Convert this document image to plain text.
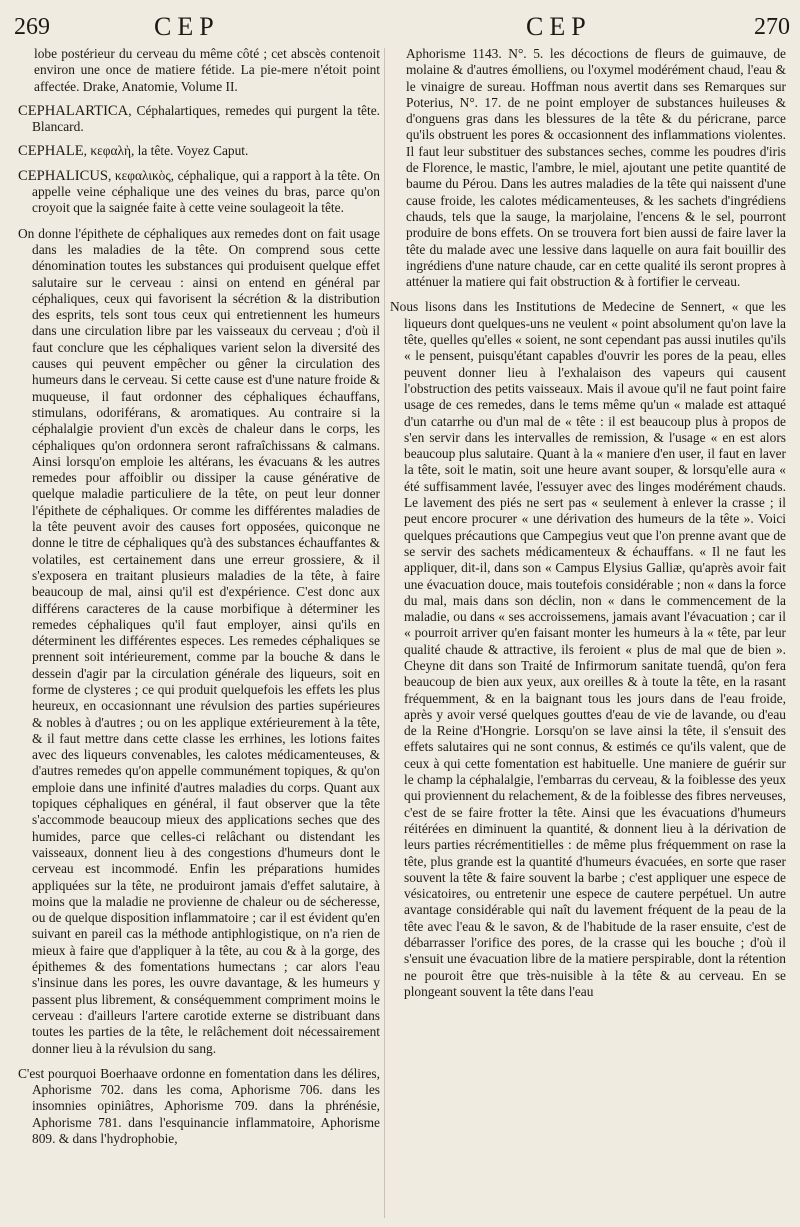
269	CEP	CEP	270

lobe postérieur du cerveau du même côté ; cet abscès contenoit environ une once de matiere fétide. La pie-mere n'étoit point affectée. Drake, Anatomie, Volume II.

CEPHALARTICA, Céphalartiques, remedes qui purgent la tête. Blancard.

CEPHALE, κεφαλὴ, la tête. Voyez Caput.

CEPHALICUS, κεφαλικὸς, céphalique, qui a rapport à la tête. On appelle veine céphalique une des veines du bras, parce qu'on croyoit que la saignée faite à cette veine soulageoit la tête.

On donne l'épithete de céphaliques aux remedes dont on fait usage dans les maladies de la tête. On comprend sous cette dénomination toutes les substances qui produisent quelque effet salutaire sur le cerveau : ainsi on entend en général par céphaliques, ceux qui favorisent la sécrétion & la distribution des esprits, tels sont tous ceux qui entretiennent les humeurs dans une circulation libre par les vaisseaux du cerveau ; d'où il faut conclure que les céphaliques varient selon la diversité des causes qui peuvent empêcher ou gêner la circulation des humeurs dans le cerveau. Si cette cause est d'une nature froide & muqueuse, il faut ordonner des céphaliques échauffans, stimulans, odoriférans, & aromatiques. Au contraire si la céphalalgie provient d'un excès de chaleur dans le corps, les céphaliques qu'on ordonnera seront rafraîchissans & calmans. Ainsi lorsqu'on emploie les altérans, les évacuans & les autres remedes pour affoiblir ou dissiper la cause générative de quelque maladie particuliere de la tête, on peut leur donner l'épithete de céphaliques. Or comme les différentes maladies de la tête peuvent avoir des causes fort opposées, quiconque ne donne le titre de céphaliques qu'à des substances échauffantes & volatiles, est certainement dans une erreur grossiere, & il s'exposera en traitant plusieurs maladies de la tête, à faire beaucoup de mal, ainsi qu'il est d'expérience. C'est donc aux différens caracteres de la cause morbifique à déterminer les remedes céphaliques qu'il faut employer, ainsi qu'ils en déterminent les différentes especes. Les remedes céphaliques se prennent soit intérieurement, comme par la bouche & dans le dessein d'agir par la circulation générale des liqueurs, soit en forme de clysteres ; ce qui produit quelquefois les effets les plus heureux, en occasionnant une révulsion des parties supérieures & nobles à d'autres ; ou on les applique extérieurement à la tête, & il faut mettre dans cette classe les errhines, les lotions faites avec des liqueurs convenables, les calotes médicamenteuses, & d'autres remedes qu'on appelle communément topiques, & qu'on emploie dans une infinité d'autres maladies du corps. Quant aux topiques céphaliques en général, il faut observer que la tête s'accommode beaucoup mieux des applications seches que des humides, parce que celles-ci relâchant ou distendant les vaisseaux, donnent lieu à des congestions d'humeurs dont le cerveau est incommodé. Enfin les préparations humides appliquées sur la tête, ne produiront jamais d'effet salutaire, à moins que la maladie ne provienne de chaleur ou de sécheresse, ou de quelque disposition inflammatoire ; car il est évident qu'en suivant en pareil cas la méthode antiphlogistique, on n'a rien de mieux à faire que d'appliquer à la tête, au cou & à la gorge, des épithemes & des fomentations humectans ; car alors l'eau s'insinue dans les pores, les ouvre davantage, & les humeurs y passent plus librement, & conséquemment compriment moins le cerveau : d'ailleurs l'artere carotide externe se distribuant dans toutes les parties de la tête, le relâchement doit nécessairement donner lieu à la révulsion du sang.

C'est pourquoi Boerhaave ordonne en fomentation dans les délires, Aphorisme 702. dans les coma, Aphorisme 706. dans les insomnies opiniâtres, Aphorisme 709. dans la phrénésie, Aphorisme 781. dans l'esquinancie inflammatoire, Aphorisme 809. & dans l'hydrophobie,

Aphorisme 1143. N°. 5. les décoctions de fleurs de guimauve, de molaine & d'autres émolliens, ou l'oxymel modérément chaud, l'eau & le vinaigre de sureau. Hoffman nous avertit dans ses Remarques sur Poterius, N°. 17. de ne point employer de substances huileuses & d'onguens gras dans les blessures de la tête & du péricrane, parce qu'ils obstruent les pores & occasionnent des inflammations violentes. Il faut leur substituer des substances seches, comme les poudres d'iris de Florence, le mastic, l'ambre, le miel, ajoutant une petite quantité de baume du Pérou. Dans les autres maladies de la tête qui naissent d'une cause froide, les calotes médicamenteuses, & les sachets d'ingrédiens chauds, tels que la sauge, la marjolaine, l'encens & le sel, pourront produire de bons effets. On se trouvera fort bien aussi de faire laver la tête du malade avec une lessive dans laquelle on aura fait bouillir des ingrédiens d'une nature chaude, car en cette qualité ils seront propres à atténuer la matiere qui fait obstruction & à fortifier le cerveau.

Nous lisons dans les Institutions de Medecine de Sennert, « que les liqueurs dont quelques-uns ne veulent « point absolument qu'on lave la tête, quelles qu'elles « soient, ne sont cependant pas aussi inutiles qu'ils « le pensent, puisqu'étant capables d'ouvrir les pores de la peau, elles peuvent donner lieu à l'exhalaison des vapeurs qui causent l'obstruction des petits vaisseaux. Mais il avoue qu'il ne faut point faire usage de ces remedes, dans le tems même qu'un « malade est attaqué d'un catarrhe ou d'un mal de « tête : il est beaucoup plus à propos de s'en servir dans les intervalles de remission, & l'usage « en est alors beaucoup plus salutaire. Quant à la « maniere d'en user, il faut en laver la tête, soit le matin, soit une heure avant souper, & lorsqu'elle aura « été suffisamment lavée, l'essuyer avec des linges modérément chauds. Le lavement des piés ne sert pas « seulement à enlever la crasse ; il peut encore procurer « une dérivation des humeurs de la tête ». Voici quelques précautions que Campegius veut que l'on prenne avant que de se servir des sachets médicamenteux & échauffans. « Il ne faut les appliquer, dit-il, dans son « Campus Elysius Galliæ, qu'après avoir fait une évacuation douce, mais toutefois considérable ; non « dans la force du mal, mais dans son déclin, non « dans le commencement de la maladie, ou dans « ses accroissemens, jamais avant l'évacuation ; car il « pourroit arriver qu'en faisant monter les humeurs à la « tête, par leur qualité chaude & attractive, ils feroient « plus de mal que de bien ». Cheyne dit dans son Traité de Infirmorum sanitate tuendâ, qu'on fera beaucoup de bien aux yeux, aux oreilles & à toute la tête, en la rasant fréquemment, & en la baignant tous les jours dans de l'eau froide, après y avoir versé quelques gouttes d'eau de vie de lavande, ou d'eau de la Reine d'Hongrie. Lorsqu'on se lave ainsi la tête, il s'ensuit des effets salutaires qui ne sont connus, & estimés ce qu'ils valent, que de ceux à qui cette fomentation est habituelle. Une maniere de guérir sur le champ la céphalalgie, l'embarras du cerveau, & la foiblesse des yeux qui proviennent du relachement, & de la foiblesse des fibres nerveuses, c'est de se faire frotter la tête. Ainsi que les évacuations d'humeurs réitérées en diminuent la quantité, & donnent lieu à la dérivation de leurs parties récrémentitielles : de même plus fréquemment on rase la tête, plus grande est la quantité d'humeurs évacuées, en sorte que raser souvent la tête & faire souvent la barbe ; c'est appliquer une espece de vésicatoires, ou entretenir une espece de cautere perpétuel. Un autre avantage considérable qui naît du lavement fréquent de la peau de la tête avec l'eau & le savon, & de l'habitude de la raser ensuite, c'est de débarrasser l'orifice des pores, de la crasse qui les bouche ; d'où il s'ensuit une évacuation libre de la matiere perspirable, dont la rétention ne pouroit être que très-nuisible à la tête & au cerveau. En se plongeant souvent la tête dans l'eau
